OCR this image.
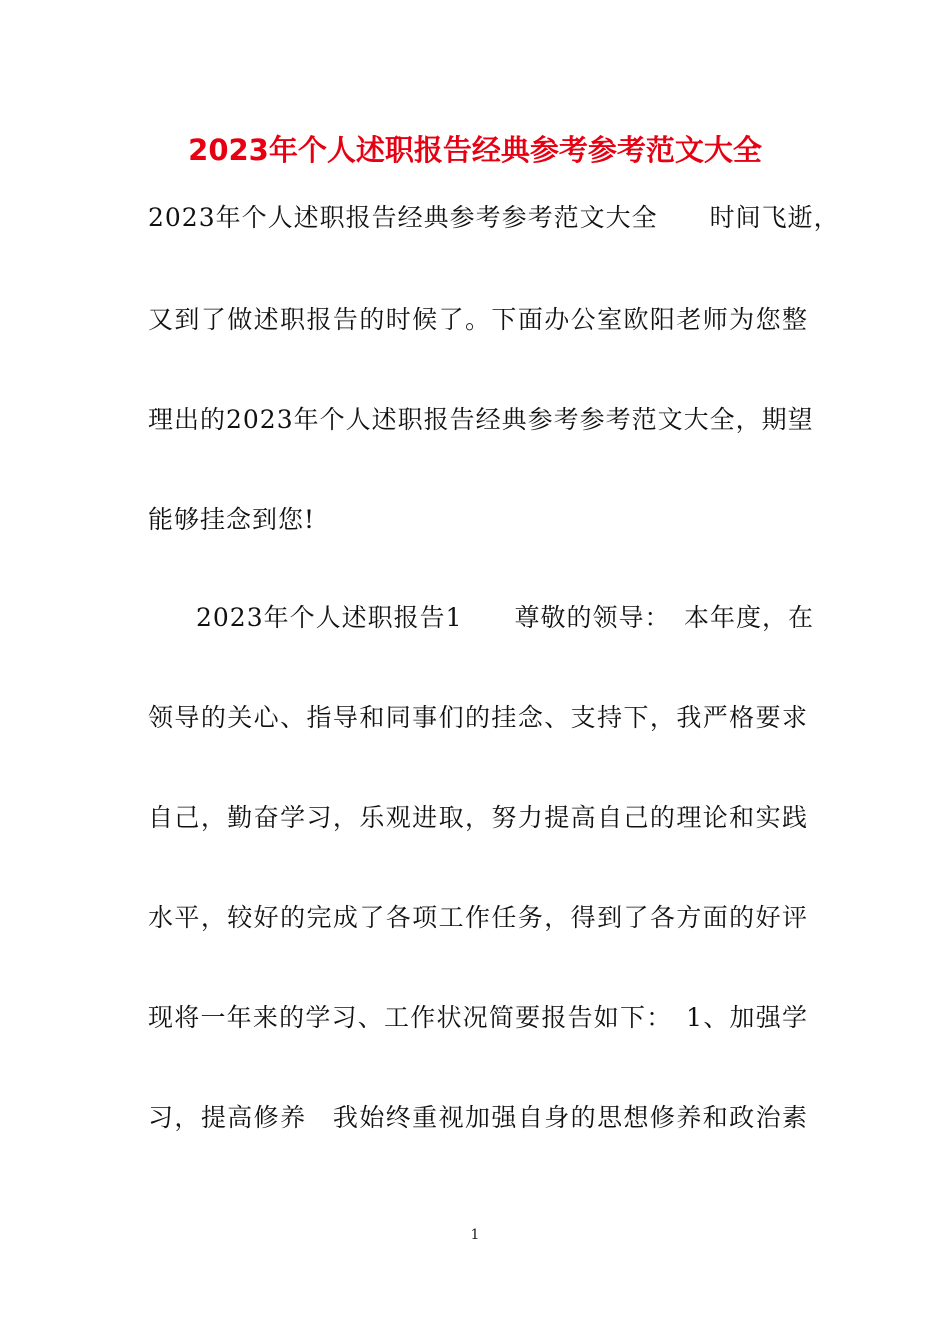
2023年个人述职报告经典参考参考范文大全
2023年个人述职报告经典参考参考范文大全　　时间飞逝，
又到了做述职报告的时候了。下面办公室欧阳老师为您整
理出的2023年个人述职报告经典参考参考范文大全，期望
能够挂念到您!
2023年个人述职报告1　　尊敬的领导：　本年度，在
领导的关心、指导和同事们的挂念、支持下，我严格要求
自己，勤奋学习，乐观进取，努力提高自己的理论和实践
水平，较好的完成了各项工作任务，得到了各方面的好评
现将一年来的学习、工作状况简要报告如下：　1、加强学
习，提高修养　我始终重视加强自身的思想修养和政治素
1
